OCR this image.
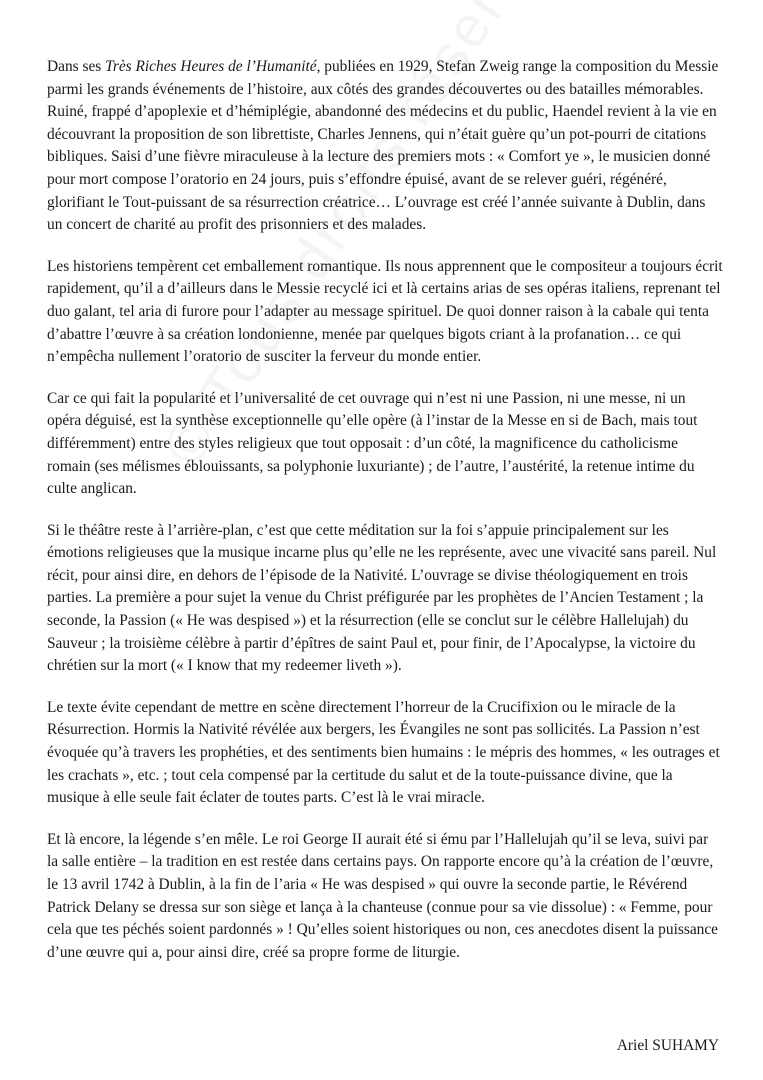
Dans ses Très Riches Heures de l’Humanité, publiées en 1929, Stefan Zweig range la composition du Messie parmi les grands événements de l’histoire, aux côtés des grandes découvertes ou des batailles mémorables. Ruiné, frappé d’apoplexie et d’hémiplégie, abandonné des médecins et du public, Haendel revient à la vie en découvrant la proposition de son librettiste, Charles Jennens, qui n’était guère qu’un pot-pourri de citations bibliques. Saisi d’une fièvre miraculeuse à la lecture des premiers mots : « Comfort ye », le musicien donné pour mort compose l’oratorio en 24 jours, puis s’effondre épuisé, avant de se relever guéri, régénéré, glorifiant le Tout-puissant de sa résurrection créatrice… L’ouvrage est créé l’année suivante à Dublin, dans un concert de charité au profit des prisonniers et des malades.

Les historiens tempèrent cet emballement romantique. Ils nous apprennent que le compositeur a toujours écrit rapidement, qu’il a d’ailleurs dans le Messie recyclé ici et là certains arias de ses opéras italiens, reprenant tel duo galant, tel aria di furore pour l’adapter au message spirituel. De quoi donner raison à la cabale qui tenta d’abattre l’œuvre à sa création londonienne, menée par quelques bigots criant à la profanation… ce qui n’empêcha nullement l’oratorio de susciter la ferveur du monde entier.

Car ce qui fait la popularité et l’universalité de cet ouvrage qui n’est ni une Passion, ni une messe, ni un opéra déguisé, est la synthèse exceptionnelle qu’elle opère (à l’instar de la Messe en si de Bach, mais tout différemment) entre des styles religieux que tout opposait : d’un côté, la magnificence du catholicisme romain (ses mélismes éblouissants, sa polyphonie luxuriante) ; de l’autre, l’austérité, la retenue intime du culte anglican.

Si le théâtre reste à l’arrière-plan, c’est que cette méditation sur la foi s’appuie principalement sur les émotions religieuses que la musique incarne plus qu’elle ne les représente, avec une vivacité sans pareil. Nul récit, pour ainsi dire, en dehors de l’épisode de la Nativité. L’ouvrage se divise théologiquement en trois parties. La première a pour sujet la venue du Christ préfigurée par les prophètes de l’Ancien Testament ; la seconde, la Passion (« He was despised ») et la résurrection (elle se conclut sur le célèbre Hallelujah) du Sauveur ; la troisième célèbre à partir d’épîtres de saint Paul et, pour finir, de l’Apocalypse, la victoire du chrétien sur la mort (« I know that my redeemer liveth »).

Le texte évite cependant de mettre en scène directement l’horreur de la Crucifixion ou le miracle de la Résurrection. Hormis la Nativité révélée aux bergers, les Évangiles ne sont pas sollicités. La Passion n’est évoquée qu’à travers les prophéties, et des sentiments bien humains : le mépris des hommes, « les outrages et les crachats », etc. ; tout cela compensé par la certitude du salut et de la toute-puissance divine, que la musique à elle seule fait éclater de toutes parts. C’est là le vrai miracle.

Et là encore, la légende s’en mêle. Le roi George II aurait été si ému par l’Hallelujah qu’il se leva, suivi par la salle entière – la tradition en est restée dans certains pays. On rapporte encore qu’à la création de l’œuvre, le 13 avril 1742 à Dublin, à la fin de l’aria « He was despised » qui ouvre la seconde partie, le Révérend Patrick Delany se dressa sur son siège et lança à la chanteuse (connue pour sa vie dissolue) : « Femme, pour cela que tes péchés soient pardonnés » ! Qu’elles soient historiques ou non, ces anecdotes disent la puissance d’une œuvre qui a, pour ainsi dire, créé sa propre forme de liturgie.

Ariel SUHAMY
